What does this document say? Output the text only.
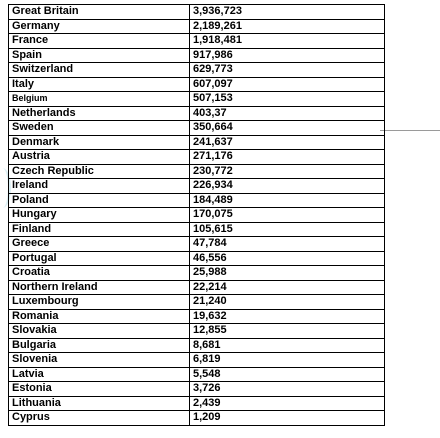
Great Britain	3,936,723
Germany	2,189,261
France	1,918,481
Spain	917,986
Switzerland	629,773
Italy	607,097
Belgium	507,153
Netherlands	403,37
Sweden	350,664
Denmark	241,637
Austria	271,176
Czech Republic	230,772
Ireland	226,934
Poland	184,489
Hungary	170,075
Finland	105,615
Greece	47,784
Portugal	46,556
Croatia	25,988
Northern Ireland	22,214
Luxembourg	21,240
Romania	19,632
Slovakia	12,855
Bulgaria	8,681
Slovenia	6,819
Latvia	5,548
Estonia	3,726
Lithuania	2,439
Cyprus	1,209
